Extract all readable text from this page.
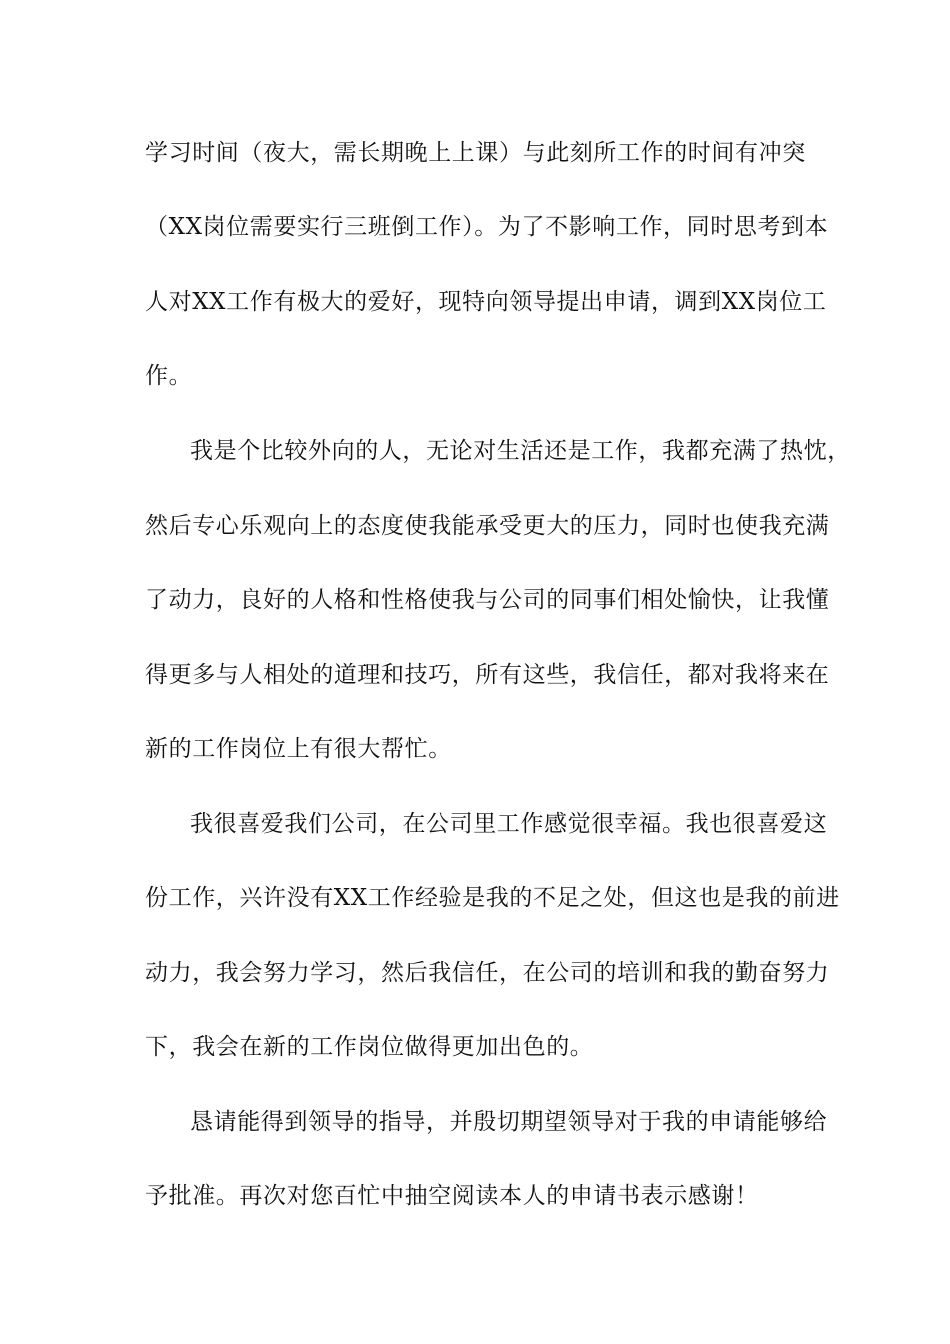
学习时间（夜大，需长期晚上上课）与此刻所工作的时间有冲突
（XX岗位需要实行三班倒工作）。为了不影响工作，同时思考到本
人对XX工作有极大的爱好，现特向领导提出申请，调到XX岗位工
作。
我是个比较外向的人，无论对生活还是工作，我都充满了热忱，
然后专心乐观向上的态度使我能承受更大的压力，同时也使我充满
了动力，良好的人格和性格使我与公司的同事们相处愉快，让我懂
得更多与人相处的道理和技巧，所有这些，我信任，都对我将来在
新的工作岗位上有很大帮忙。
我很喜爱我们公司，在公司里工作感觉很幸福。我也很喜爱这
份工作，兴许没有XX工作经验是我的不足之处，但这也是我的前进
动力，我会努力学习，然后我信任，在公司的培训和我的勤奋努力
下，我会在新的工作岗位做得更加出色的。
恳请能得到领导的指导，并殷切期望领导对于我的申请能够给
予批准。再次对您百忙中抽空阅读本人的申请书表示感谢！
